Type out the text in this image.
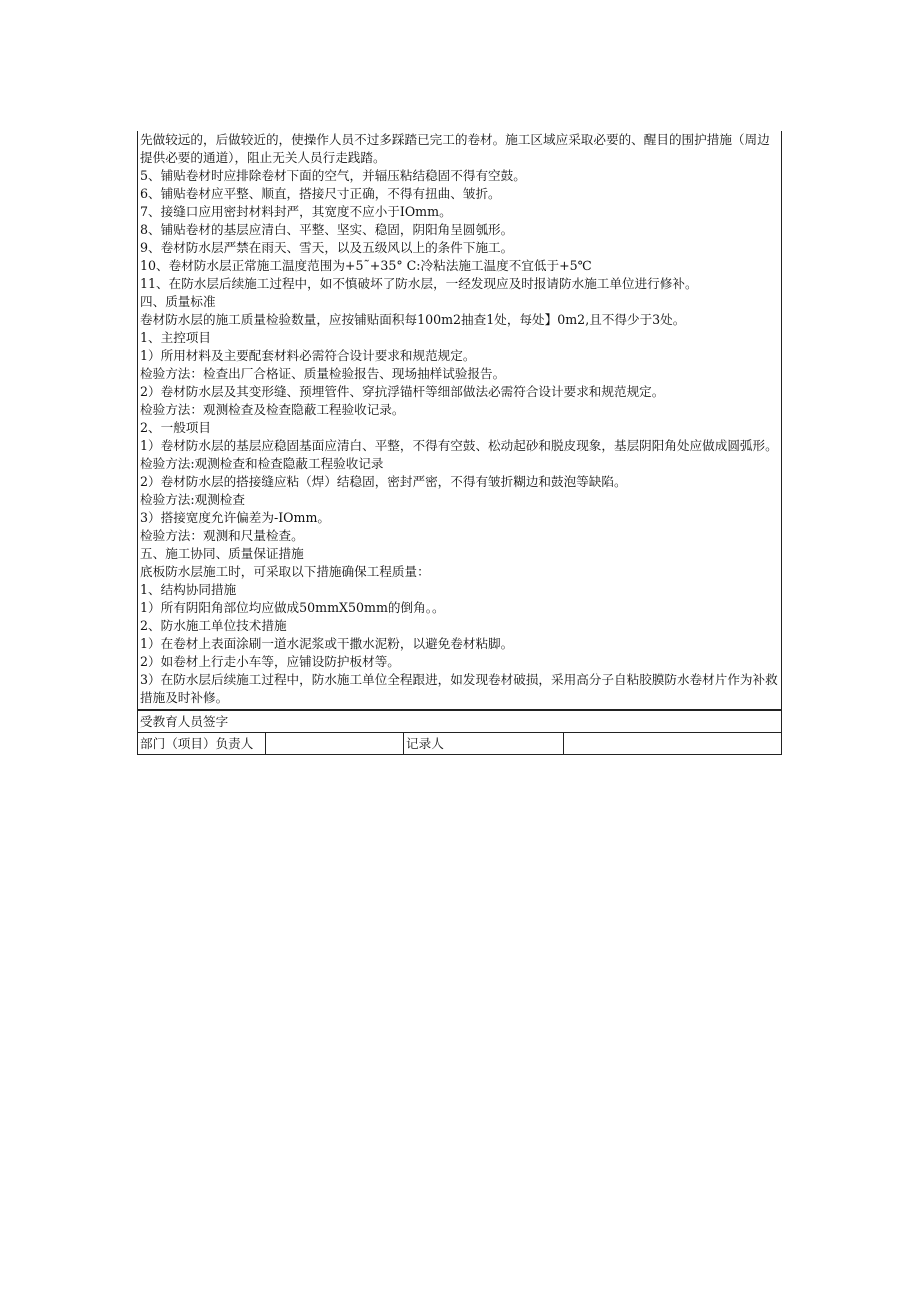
先做较远的，后做较近的，使操作人员不过多踩踏已完工的卷材。施工区域应采取必要的、醒目的围护措施（周边提供必要的通道），阻止无关人员行走践踏。
5、铺贴卷材时应排除卷材下面的空气，并辐压粘结稳固不得有空鼓。
6、铺贴卷材应平整、顺直，搭接尺寸正确，不得有扭曲、皱折。
7、接缝口应用密封材料封严，其宽度不应小于IOmm。
8、铺贴卷材的基层应清白、平整、坚实、稳固，阴阳角呈圆瓠形。
9、卷材防水层严禁在雨天、雪天，以及五级风以上的条件下施工。
10、卷材防水层正常施工温度范围为+5˜+35° C:冷粘法施工温度不宜低于+5℃
11、在防水层后续施工过程中，如不慎破坏了防水层，一经发现应及时报请防水施工单位进行修补。
四、质量标准
卷材防水层的施工质量检验数量，应按铺贴面积每100m2抽查1处，每处】0m2,且不得少于3处。
1、主控项目
1）所用材料及主要配套材料必需符合设计要求和规范规定。
检验方法：检查出厂合格证、质量检验报告、现场抽样试验报告。
2）卷材防水层及其变形缝、预埋管件、穿抗浮锚杆等细部做法必需符合设计要求和规范规定。
检验方法：观测检查及检查隐蔽工程验收记录。
2、一般项目
1）卷材防水层的基层应稳固基面应清白、平整，不得有空鼓、松动起砂和脱皮现象，基层阴阳角处应做成圆弧形。
检验方法:观测检查和检查隐蔽工程验收记录
2）卷材防水层的搭接缝应粘（焊）结稳固，密封严密，不得有皱折糊边和鼓泡等缺陷。
检验方法:观测检查
3）搭接宽度允许偏差为-IOmm。
检验方法：观测和尺量检查。
五、施工协同、质量保证措施
底板防水层施工时，可采取以下措施确保工程质量：
1、结构协同措施
1）所有阴阳角部位均应做成50mmX50mm的倒角。。
2、防水施工单位技术措施
1）在卷材上表面涂刷一道水泥浆或干撒水泥粉，以避免卷材粘脚。
2）如卷材上行走小车等，应铺设防护板材等。
3）在防水层后续施工过程中，防水施工单位全程跟进，如发现卷材破损，采用高分子自粘胶膜防水卷材片作为补救措施及时补修。
受教育人员签字
部门（项目）负责人		记录人	
